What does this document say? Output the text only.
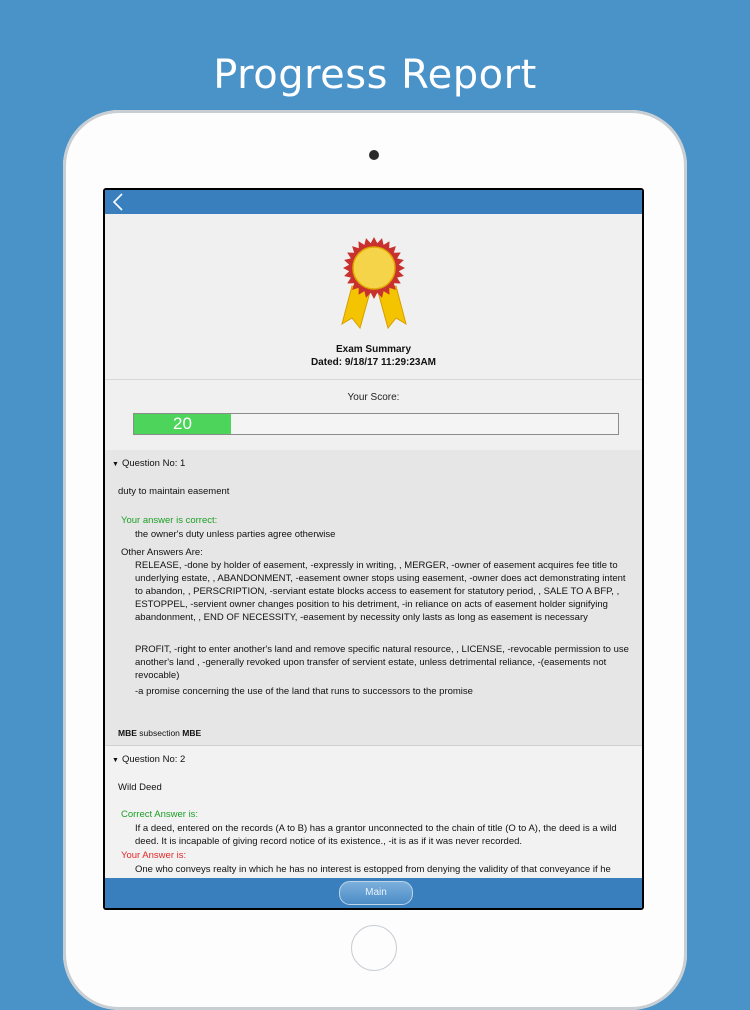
Progress Report
Exam Summary
Dated: 9/18/17 11:29:23AM
Your Score:
20
▼ Question No: 1
duty to maintain easement
Your answer is correct:
the owner's duty unless parties agree otherwise
Other Answers Are:
RELEASE, -done by holder of easement, -expressly in writing, , MERGER, -owner of easement acquires fee title to underlying estate, , ABANDONMENT, -easement owner stops using easement, -owner does act demonstrating intent to abandon, , PERSCRIPTION, -serviant estate blocks access to easement for statutory period, , SALE TO A BFP, , ESTOPPEL, -servient owner changes position to his detriment, -in reliance on acts of easement holder signifying abandonment, , END OF NECESSITY, -easement by necessity only lasts as long as easement is necessary
PROFIT, -right to enter another's land and remove specific natural resource, , LICENSE, -revocable permission to use another's land , -generally revoked upon transfer of servient estate, unless detrimental reliance, -(easements not revocable)
-a promise concerning the use of the land that runs to successors to the promise
MBE subsection MBE
▼ Question No: 2
Wild Deed
Correct Answer is:
If a deed, entered on the records (A to B) has a grantor unconnected to the chain of title (O to A), the deed is a wild deed. It is incapable of giving record notice of its existence., -it is as if it was never recorded.
Your Answer is:
One who conveys realty in which he has no interest is estopped from denying the validity of that conveyance if he
Main
